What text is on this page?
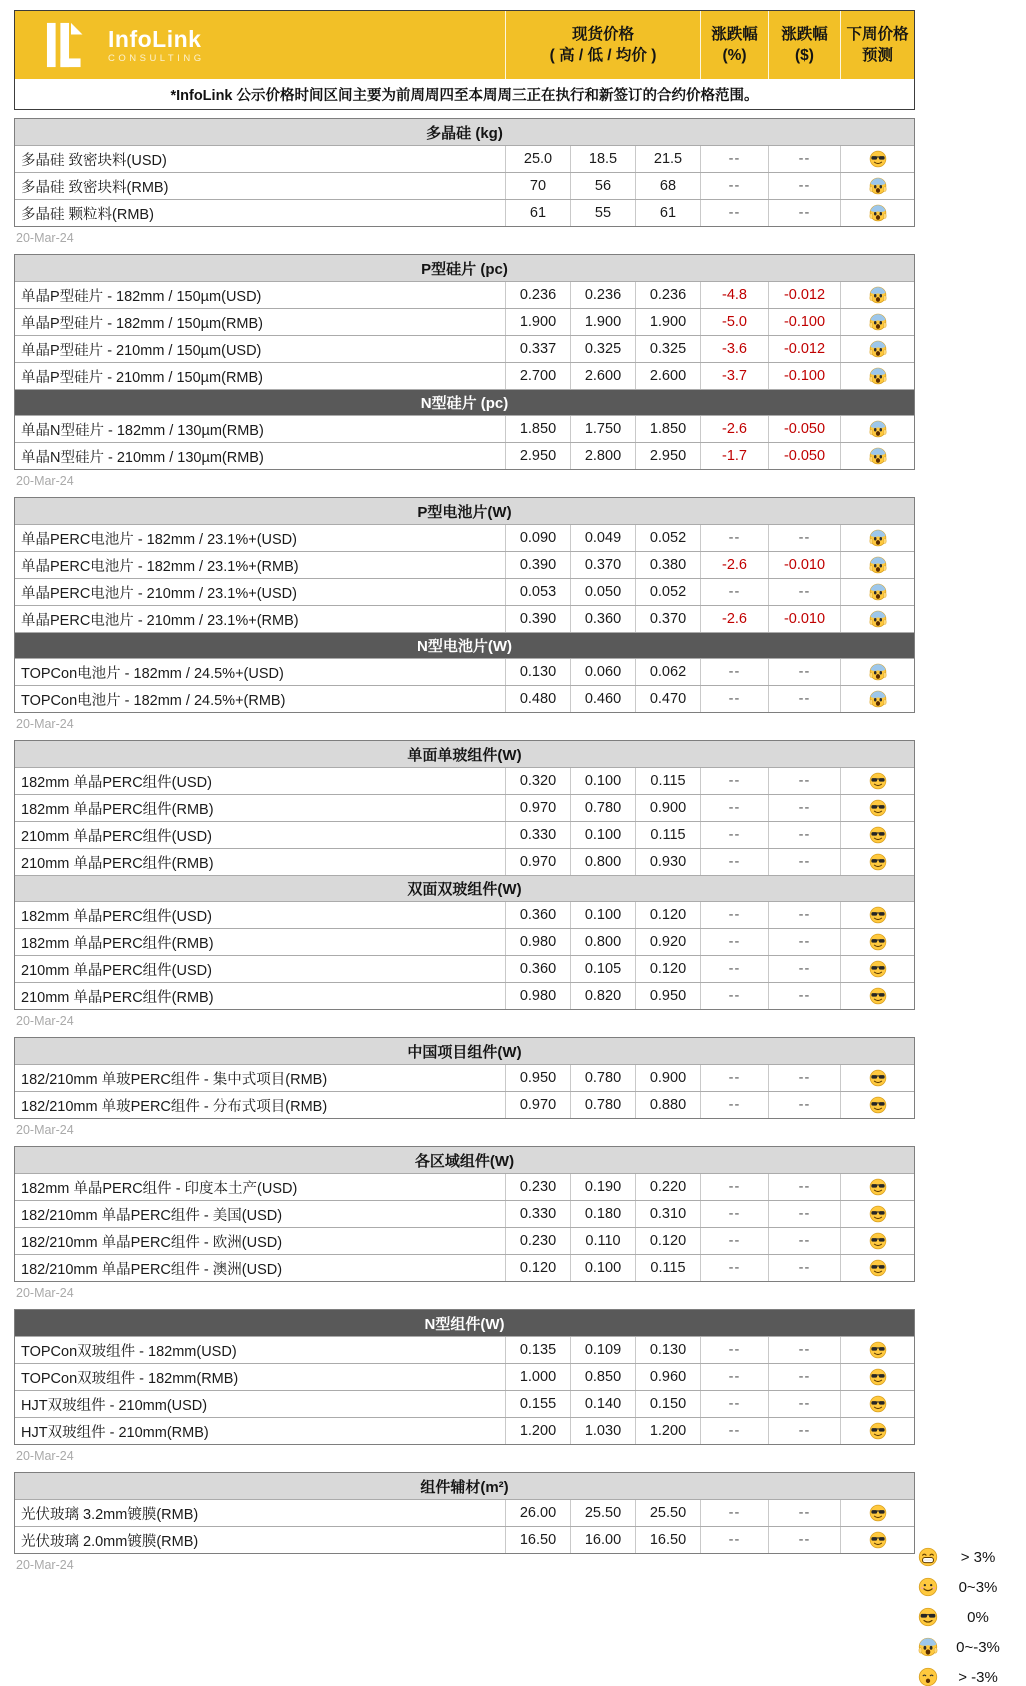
InfoLink
CONSULTING
现货价格
( 高 / 低 / 均价 )
涨跌幅
(%)
涨跌幅
($)
下周价格
预测
*InfoLink 公示价格时间区间主要为前周周四至本周周三正在执行和新签订的合约价格范围。
多晶硅 (kg)
多晶硅 致密块料(USD)	25.0	18.5	21.5	--	--
多晶硅 致密块料(RMB)	70	56	68	--	--
多晶硅 颗粒料(RMB)	61	55	61	--	--
20-Mar-24
P型硅片 (pc)
单晶P型硅片 - 182mm / 150µm(USD)	0.236	0.236	0.236	-4.8	-0.012
单晶P型硅片 - 182mm / 150µm(RMB)	1.900	1.900	1.900	-5.0	-0.100
单晶P型硅片 - 210mm / 150µm(USD)	0.337	0.325	0.325	-3.6	-0.012
单晶P型硅片 - 210mm / 150µm(RMB)	2.700	2.600	2.600	-3.7	-0.100
N型硅片 (pc)
单晶N型硅片 - 182mm / 130µm(RMB)	1.850	1.750	1.850	-2.6	-0.050
单晶N型硅片 - 210mm / 130µm(RMB)	2.950	2.800	2.950	-1.7	-0.050
20-Mar-24
P型电池片(W)
单晶PERC电池片 - 182mm / 23.1%+(USD)	0.090	0.049	0.052	--	--
单晶PERC电池片 - 182mm / 23.1%+(RMB)	0.390	0.370	0.380	-2.6	-0.010
单晶PERC电池片 - 210mm / 23.1%+(USD)	0.053	0.050	0.052	--	--
单晶PERC电池片 - 210mm / 23.1%+(RMB)	0.390	0.360	0.370	-2.6	-0.010
N型电池片(W)
TOPCon电池片 - 182mm / 24.5%+(USD)	0.130	0.060	0.062	--	--
TOPCon电池片 - 182mm / 24.5%+(RMB)	0.480	0.460	0.470	--	--
20-Mar-24
单面单玻组件(W)
182mm 单晶PERC组件(USD)	0.320	0.100	0.115	--	--
182mm 单晶PERC组件(RMB)	0.970	0.780	0.900	--	--
210mm 单晶PERC组件(USD)	0.330	0.100	0.115	--	--
210mm 单晶PERC组件(RMB)	0.970	0.800	0.930	--	--
双面双玻组件(W)
182mm 单晶PERC组件(USD)	0.360	0.100	0.120	--	--
182mm 单晶PERC组件(RMB)	0.980	0.800	0.920	--	--
210mm 单晶PERC组件(USD)	0.360	0.105	0.120	--	--
210mm 单晶PERC组件(RMB)	0.980	0.820	0.950	--	--
20-Mar-24
中国项目组件(W)
182/210mm 单玻PERC组件 - 集中式项目(RMB)	0.950	0.780	0.900	--	--
182/210mm 单玻PERC组件 - 分布式项目(RMB)	0.970	0.780	0.880	--	--
20-Mar-24
各区域组件(W)
182mm 单晶PERC组件 - 印度本土产(USD)	0.230	0.190	0.220	--	--
182/210mm 单晶PERC组件 - 美国(USD)	0.330	0.180	0.310	--	--
182/210mm 单晶PERC组件 - 欧洲(USD)	0.230	0.110	0.120	--	--
182/210mm 单晶PERC组件 - 澳洲(USD)	0.120	0.100	0.115	--	--
20-Mar-24
N型组件(W)
TOPCon双玻组件 - 182mm(USD)	0.135	0.109	0.130	--	--
TOPCon双玻组件 - 182mm(RMB)	1.000	0.850	0.960	--	--
HJT双玻组件 - 210mm(USD)	0.155	0.140	0.150	--	--
HJT双玻组件 - 210mm(RMB)	1.200	1.030	1.200	--	--
20-Mar-24
组件辅材(m²)
光伏玻璃 3.2mm镀膜(RMB)	26.00	25.50	25.50	--	--
光伏玻璃 2.0mm镀膜(RMB)	16.50	16.00	16.50	--	--
20-Mar-24	> 3%
0~3%
0%
0~-3%
> -3%
